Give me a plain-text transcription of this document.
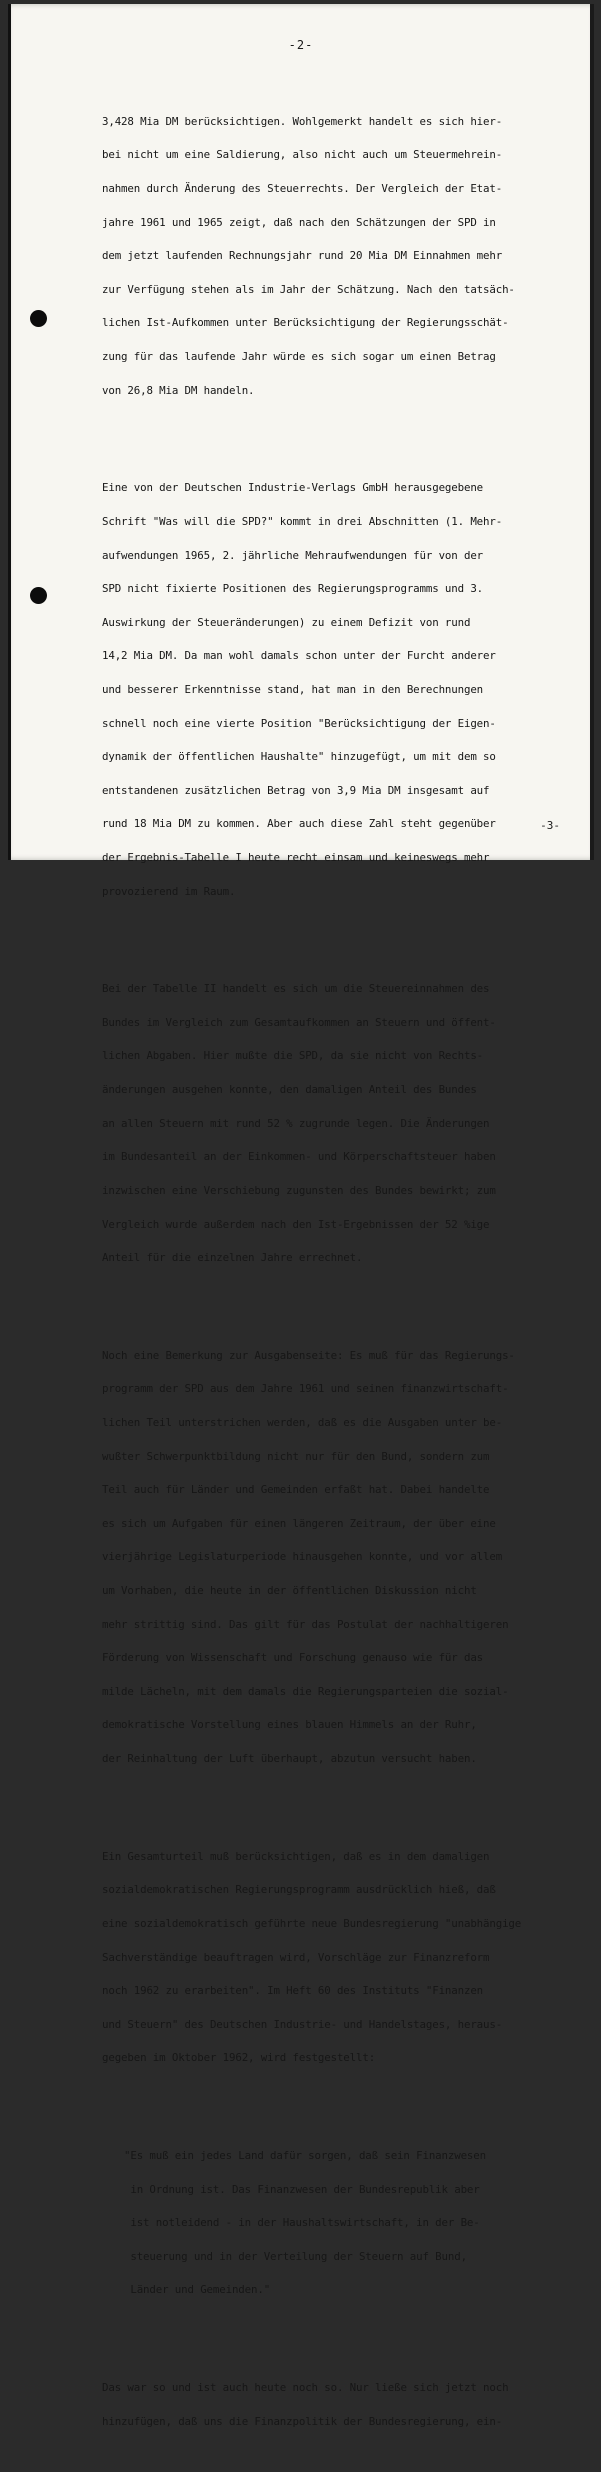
-2-

3,428 Mia DM berücksichtigen. Wohlgemerkt handelt es sich hier-

bei nicht um eine Saldierung, also nicht auch um Steuermehrein-

nahmen durch Änderung des Steuerrechts. Der Vergleich der Etat-

jahre 1961 und 1965 zeigt, daß nach den Schätzungen der SPD in

dem jetzt laufenden Rechnungsjahr rund 20 Mia DM Einnahmen mehr

zur Verfügung stehen als im Jahr der Schätzung. Nach den tatsäch-

lichen Ist-Aufkommen unter Berücksichtigung der Regierungsschät-

zung für das laufende Jahr würde es sich sogar um einen Betrag

von 26,8 Mia DM handeln.

Eine von der Deutschen Industrie-Verlags GmbH herausgegebene

Schrift "Was will die SPD?" kommt in drei Abschnitten (1. Mehr-

aufwendungen 1965, 2. jährliche Mehraufwendungen für von der

SPD nicht fixierte Positionen des Regierungsprogramms und 3.

Auswirkung der Steueränderungen) zu einem Defizit von rund

14,2 Mia DM. Da man wohl damals schon unter der Furcht anderer

und besserer Erkenntnisse stand, hat man in den Berechnungen

schnell noch eine vierte Position "Berücksichtigung der Eigen-

dynamik der öffentlichen Haushalte" hinzugefügt, um mit dem so

entstandenen zusätzlichen Betrag von 3,9 Mia DM insgesamt auf

rund 18 Mia DM zu kommen. Aber auch diese Zahl steht gegenüber

der Ergebnis-Tabelle I heute recht einsam und keineswegs mehr

provozierend im Raum.

Bei der Tabelle II handelt es sich um die Steuereinnahmen des

Bundes im Vergleich zum Gesamtaufkommen an Steuern und öffent-

lichen Abgaben. Hier mußte die SPD, da sie nicht von Rechts-

änderungen ausgehen konnte, den damaligen Anteil des Bundes

an allen Steuern mit rund 52 % zugrunde legen. Die Änderungen

im Bundesanteil an der Einkommen- und Körperschaftsteuer haben

inzwischen eine Verschiebung zugunsten des Bundes bewirkt; zum

Vergleich wurde außerdem nach den Ist-Ergebnissen der 52 %ige

Anteil für die einzelnen Jahre errechnet.

Noch eine Bemerkung zur Ausgabenseite: Es muß für das Regierungs-

programm der SPD aus dem Jahre 1961 und seinen finanzwirtschaft-

lichen Teil unterstrichen werden, daß es die Ausgaben unter be-

wußter Schwerpunktbildung nicht nur für den Bund, sondern zum

Teil auch für Länder und Gemeinden erfaßt hat. Dabei handelte

es sich um Aufgaben für einen längeren Zeitraum, der über eine

vierjährige Legislaturperiode hinausgehen konnte, und vor allem

um Vorhaben, die heute in der öffentlichen Diskussion nicht

mehr strittig sind. Das gilt für das Postulat der nachhaltigeren

Förderung von Wissenschaft und Forschung genauso wie für das

milde Lächeln, mit dem damals die Regierungsparteien die sozial-

demokratische Vorstellung eines blauen Himmels an der Ruhr,

der Reinhaltung der Luft überhaupt, abzutun versucht haben.

Ein Gesamturteil muß berücksichtigen, daß es in dem damaligen

sozialdemokratischen Regierungsprogramm ausdrücklich hieß, daß

eine sozialdemokratisch geführte neue Bundesregierung "unabhängige

Sachverständige beauftragen wird, Vorschläge zur Finanzreform

noch 1962 zu erarbeiten". Im Heft 60 des Instituts "Finanzen

und Steuern" des Deutschen Industrie- und Handelstages, heraus-

gegeben im Oktober 1962, wird festgestellt:

"Es muß ein jedes Land dafür sorgen, daß sein Finanzwesen

in Ordnung ist. Das Finanzwesen der Bundesrepublik aber

ist notleidend - in der Haushaltswirtschaft, in der Be-

steuerung und in der Verteilung der Steuern auf Bund,

Länder und Gemeinden."

Das war so und ist auch heute noch so. Nur ließe sich jetzt noch

hinzufügen, daß uns die Finanzpolitik der Bundesregierung, ein-

-3-
